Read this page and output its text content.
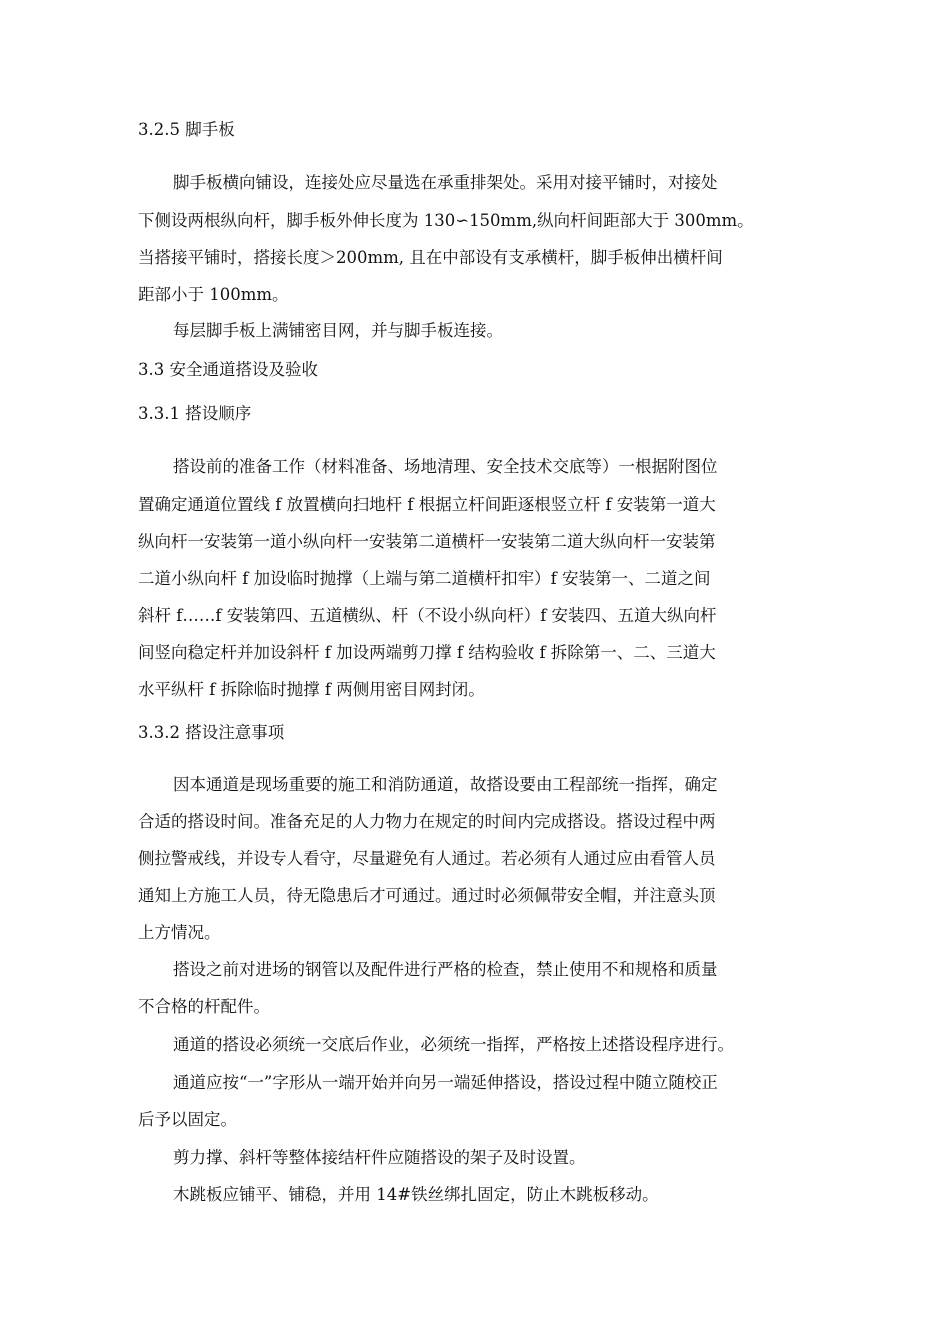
3.2.5 脚手板
脚手板横向铺设，连接处应尽量选在承重排架处。采用对接平铺时，对接处
下侧设两根纵向杆，脚手板外伸长度为 130∽150mm,纵向杆间距部大于 300mm。
当搭接平铺时，搭接长度＞200mm, 且在中部设有支承横杆，脚手板伸出横杆间
距部小于 100mm。
每层脚手板上满铺密目网，并与脚手板连接。
3.3 安全通道搭设及验收
3.3.1 搭设顺序
搭设前的准备工作（材料准备、场地清理、安全技术交底等）一根据附图位
置确定通道位置线 f 放置横向扫地杆 f 根据立杆间距逐根竖立杆 f 安装第一道大
纵向杆一安装第一道小纵向杆一安装第二道横杆一安装第二道大纵向杆一安装第
二道小纵向杆 f 加设临时抛撑（上端与第二道横杆扣牢）f 安装第一、二道之间
斜杆 f……f 安装第四、五道横纵、杆（不设小纵向杆）f 安装四、五道大纵向杆
间竖向稳定杆并加设斜杆 f 加设两端剪刀撑 f 结构验收 f 拆除第一、二、三道大
水平纵杆 f 拆除临时抛撑 f 两侧用密目网封闭。
3.3.2 搭设注意事项
因本通道是现场重要的施工和消防通道，故搭设要由工程部统一指挥，确定
合适的搭设时间。准备充足的人力物力在规定的时间内完成搭设。搭设过程中两
侧拉警戒线，并设专人看守，尽量避免有人通过。若必须有人通过应由看管人员
通知上方施工人员，待无隐患后才可通过。通过时必须佩带安全帽，并注意头顶
上方情况。
搭设之前对进场的钢管以及配件进行严格的检查，禁止使用不和规格和质量
不合格的杆配件。
通道的搭设必须统一交底后作业，必须统一指挥，严格按上述搭设程序进行。
通道应按“一”字形从一端开始并向另一端延伸搭设，搭设过程中随立随校正
后予以固定。
剪力撑、斜杆等整体接结杆件应随搭设的架子及时设置。
木跳板应铺平、铺稳，并用 14#铁丝绑扎固定，防止木跳板移动。
